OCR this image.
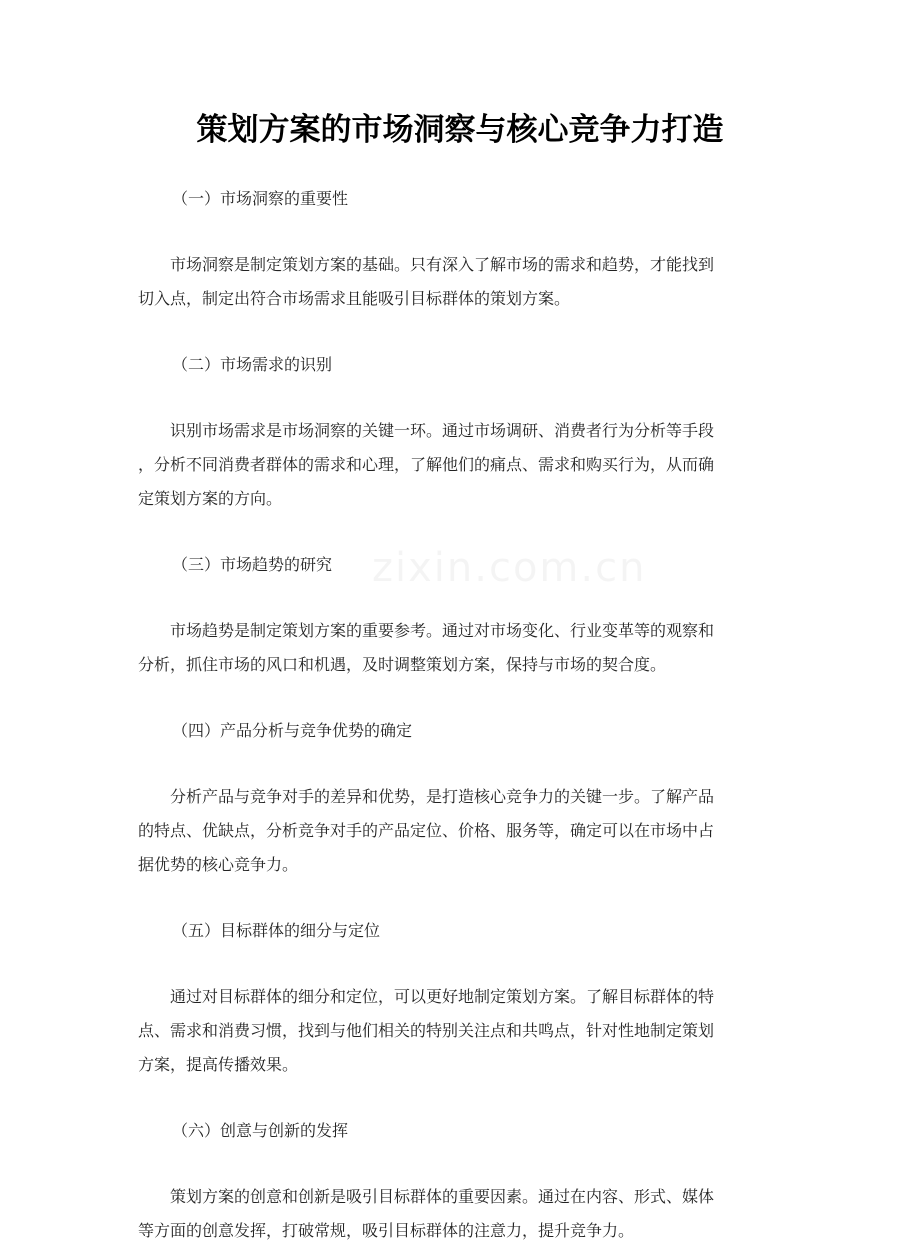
策划方案的市场洞察与核心竞争力打造

（一）市场洞察的重要性

市场洞察是制定策划方案的基础。只有深入了解市场的需求和趋势，才能找到
切入点，制定出符合市场需求且能吸引目标群体的策划方案。

（二）市场需求的识别

识别市场需求是市场洞察的关键一环。通过市场调研、消费者行为分析等手段
，分析不同消费者群体的需求和心理，了解他们的痛点、需求和购买行为，从而确
定策划方案的方向。

（三）市场趋势的研究

市场趋势是制定策划方案的重要参考。通过对市场变化、行业变革等的观察和
分析，抓住市场的风口和机遇，及时调整策划方案，保持与市场的契合度。

（四）产品分析与竞争优势的确定

分析产品与竞争对手的差异和优势，是打造核心竞争力的关键一步。了解产品
的特点、优缺点，分析竞争对手的产品定位、价格、服务等，确定可以在市场中占
据优势的核心竞争力。

（五）目标群体的细分与定位

通过对目标群体的细分和定位，可以更好地制定策划方案。了解目标群体的特
点、需求和消费习惯，找到与他们相关的特别关注点和共鸣点，针对性地制定策划
方案，提高传播效果。

（六）创意与创新的发挥

策划方案的创意和创新是吸引目标群体的重要因素。通过在内容、形式、媒体
等方面的创意发挥，打破常规，吸引目标群体的注意力，提升竞争力。
